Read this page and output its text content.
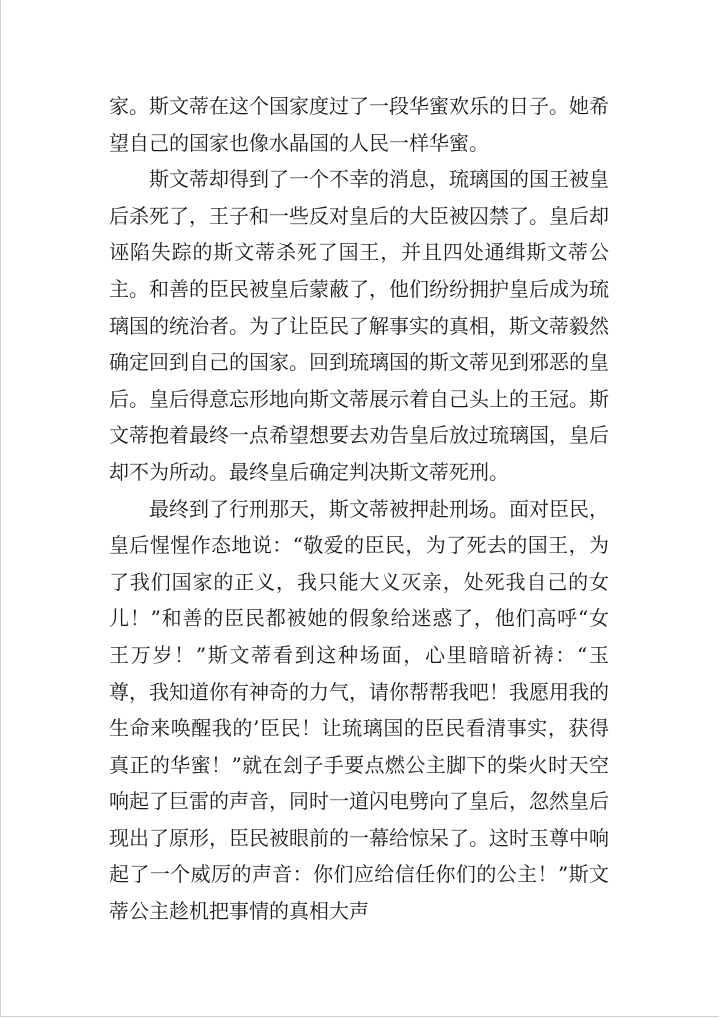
家。斯文蒂在这个国家度过了一段华蜜欢乐的日子。她希望自己的国家也像水晶国的人民一样华蜜。

斯文蒂却得到了一个不幸的消息，琉璃国的国王被皇后杀死了，王子和一些反对皇后的大臣被囚禁了。皇后却诬陷失踪的斯文蒂杀死了国王，并且四处通缉斯文蒂公主。和善的臣民被皇后蒙蔽了，他们纷纷拥护皇后成为琉璃国的统治者。为了让臣民了解事实的真相，斯文蒂毅然确定回到自己的国家。回到琉璃国的斯文蒂见到邪恶的皇后。皇后得意忘形地向斯文蒂展示着自己头上的王冠。斯文蒂抱着最终一点希望想要去劝告皇后放过琉璃国，皇后却不为所动。最终皇后确定判决斯文蒂死刑。

最终到了行刑那天，斯文蒂被押赴刑场。面对臣民，皇后惺惺作态地说：“敬爱的臣民，为了死去的国王，为了我们国家的正义，我只能大义灭亲，处死我自己的女儿！”和善的臣民都被她的假象给迷惑了，他们高呼“女王万岁！”斯文蒂看到这种场面，心里暗暗祈祷：“玉尊，我知道你有神奇的力气，请你帮帮我吧！我愿用我的生命来唤醒我的’臣民！让琉璃国的臣民看清事实，获得真正的华蜜！”就在刽子手要点燃公主脚下的柴火时天空响起了巨雷的声音，同时一道闪电劈向了皇后，忽然皇后现出了原形，臣民被眼前的一幕给惊呆了。这时玉尊中响起了一个威厉的声音：你们应给信任你们的公主！”斯文蒂公主趁机把事情的真相大声
